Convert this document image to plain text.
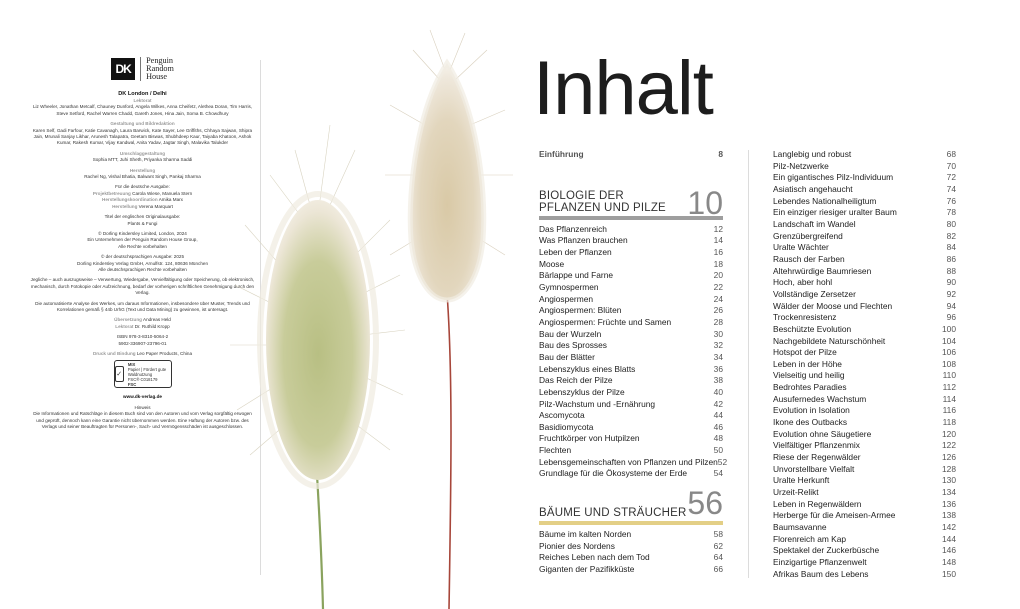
DK
Penguin
Random
House
DK London / Delhi
Lektorat
Liz Wheeler, Jonathan Metcalf, Chauney Dunford, Angela Wilkes, Anna Cheifetz, Alethea Doran, Tim Harris, Steve Setford, Rachel Warren Chadd, Gareth Jones, Hina Jain, Soma B. Chowdhury
Gestaltung und Bildredaktion
Karen Self, Gadi Farfour, Katie Cavanagh, Laura Barwick, Kate Sayer, Lee Griffiths, Chhaya Sajwan, Shipra Jain, Mrunali Sanjay Likhar, Arunesh Talapatra, Geetam Biswas, Shubhdeep Kaur, Taiyaba Khatoon, Ashok Kumar, Rakesh Kumar, Vijay Kandwal, Anita Yadav, Jagtar Singh, Malavika Talukder
Umschlaggestaltung
Sophia MTT, Juhi Sheth, Priyanka Sharma Saddi
Herstellung
Rachel Ng, Vishal Bhatia, Balwant Singh, Pankaj Sharma
Für die deutsche Ausgabe:
Projektbetreuung Carola Wiese, Manuela Stern
Herstellungskoordination Amika Marx
Herstellung Verena Marquart
Titel der englischen Originalausgabe:
Plants & Fungi
© Dorling Kindersley Limited, London, 2024
Ein Unternehmen der Penguin Random House Group,
Alle Rechte vorbehalten
© der deutschsprachigen Ausgabe: 2025
Dorling Kindersley Verlag GmbH, Arnulfstr. 124, 80636 München
Alle deutschsprachigen Rechte vorbehalten
Jegliche – auch auszugsweise – Verwertung, Wiedergabe, Vervielfältigung oder Speicherung, ob elektronisch, mechanisch, durch Fotokopie oder Aufzeichnung, bedarf der vorherigen schriftlichen Genehmigung durch den Verlag.
Die automatisierte Analyse des Werkes, um daraus Informationen, insbesondere über Muster, Trends und Korrelationen gemäß § 44b UrhG (Text und Data Mining) zu gewinnen, ist untersagt.
Übersetzung Andreas Held
Lektorat Dr. Ruthild Kropp
ISBN 978-3-8310-5064-2
5902-336907-23796-01
Druck und Bindung Leo Paper Products, China
✓
MIX
Papier | Fördert gute Waldnutzung
FSC® C018179
FSC
www.dk-verlag.de
Hinweis
Die Informationen und Ratschläge in diesem Buch sind von den Autoren und vom Verlag sorgfältig erwogen und geprüft, dennoch kann eine Garantie nicht übernommen werden. Eine Haftung der Autoren bzw. des Verlags und seiner Beauftragten für Personen-, Sach- und Vermögensschäden ist ausgeschlossen.
Inhalt
Einführung	8
BIOLOGIE DER
PFLANZEN UND PILZE 10
Das Pflanzenreich	12
Was Pflanzen brauchen	14
Leben der Pflanzen	16
Moose	18
Bärlappe und Farne	20
Gymnospermen	22
Angiospermen	24
Angiospermen: Blüten	26
Angiospermen: Früchte und Samen	28
Bau der Wurzeln	30
Bau des Sprosses	32
Bau der Blätter	34
Lebenszyklus eines Blatts	36
Das Reich der Pilze	38
Lebenszyklus der Pilze	40
Pilz-Wachstum und -Ernährung	42
Ascomycota	44
Basidiomycota	46
Fruchtkörper von Hutpilzen	48
Flechten	50
Lebensgemeinschaften von Pflanzen und Pilzen 52
Grundlage für die Ökosysteme der Erde	54
BÄUME UND STRÄUCHER 56
Bäume im kalten Norden	58
Pionier des Nordens	62
Reiches Leben nach dem Tod	64
Giganten der Pazifikküste	66
Langlebig und robust	68
Pilz-Netzwerke	70
Ein gigantisches Pilz-Individuum	72
Asiatisch angehaucht	74
Lebendes Nationalheiligtum	76
Ein einziger riesiger uralter Baum	78
Landschaft im Wandel	80
Grenzübergreifend	82
Uralte Wächter	84
Rausch der Farben	86
Altehrwürdige Baumriesen	88
Hoch, aber hohl	90
Vollständige Zersetzer	92
Wälder der Moose und Flechten	94
Trockenresistenz	96
Beschützte Evolution	100
Nachgebildete Naturschönheit	104
Hotspot der Pilze	106
Leben in der Höhe	108
Vielseitig und heilig	110
Bedrohtes Paradies	112
Ausufernedes Wachstum	114
Evolution in Isolation	116
Ikone des Outbacks	118
Evolution ohne Säugetiere	120
Vielfältiger Pflanzenmix	122
Riese der Regenwälder	126
Unvorstellbare Vielfalt	128
Uralte Herkunft	130
Urzeit-Relikt	134
Leben in Regenwäldern	136
Herberge für die Ameisen-Armee	138
Baumsavanne	142
Florenreich am Kap	144
Spektakel der Zuckerbüsche	146
Einzigartige Pflanzenwelt	148
Afrikas Baum des Lebens	150
